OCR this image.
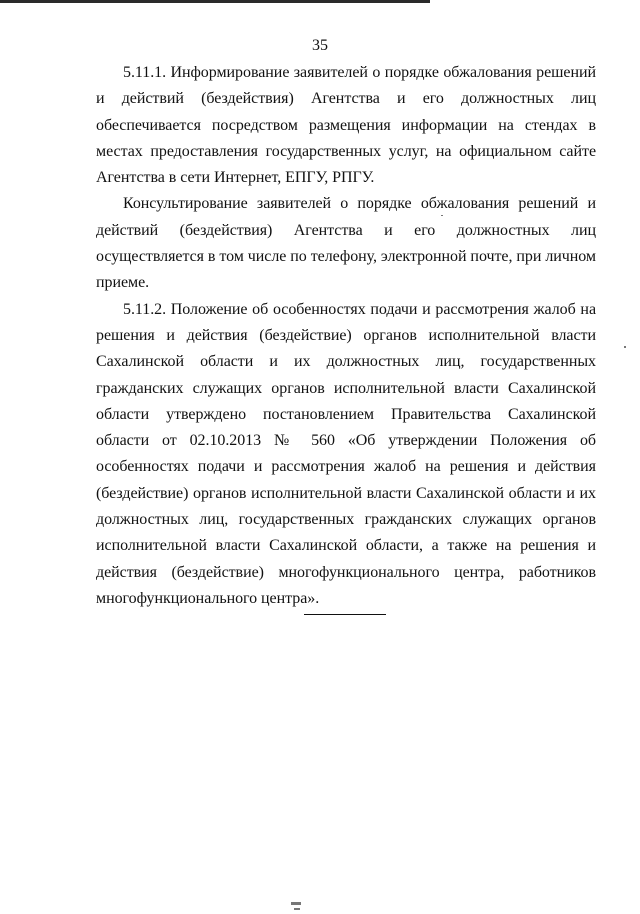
35

5.11.1. Информирование заявителей о порядке обжалования решений и действий (бездействия) Агентства и его должностных лиц обеспечивается посредством размещения информации на стендах в местах предоставления государственных услуг, на официальном сайте Агентства в сети Интернет, ЕПГУ, РПГУ.

Консультирование заявителей о порядке обжалования решений и действий (бездействия) Агентства и его должностных лиц осуществляется в том числе по телефону, электронной почте, при личном приеме.

5.11.2. Положение об особенностях подачи и рассмотрения жалоб на решения и действия (бездействие) органов исполнительной власти Сахалинской области и их должностных лиц, государственных гражданских служащих органов исполнительной власти Сахалинской области утверждено постановлением Правительства Сахалинской области от 02.10.2013 № 560 «Об утверждении Положения об особенностях подачи и рассмотрения жалоб на решения и действия (бездействие) органов исполнительной власти Сахалинской области и их должностных лиц, государственных гражданских служащих органов исполнительной власти Сахалинской области, а также на решения и действия (бездействие) многофункционального центра, работников многофункционального центра».
